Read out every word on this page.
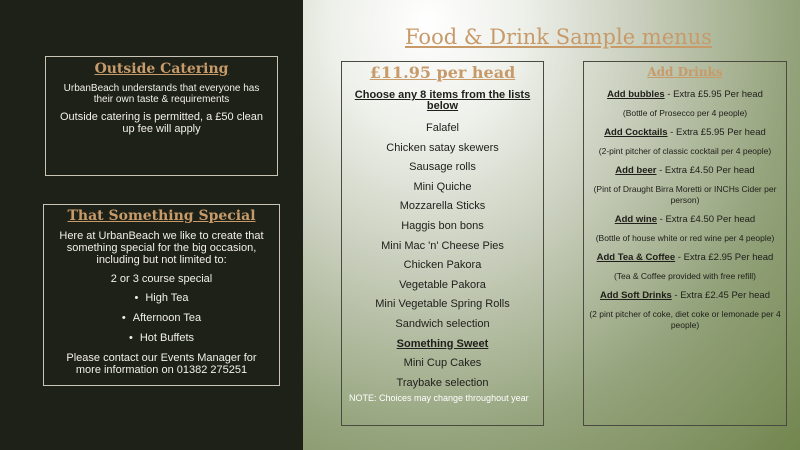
Outside Catering

UrbanBeach understands that everyone has their own taste & requirements

Outside catering is permitted, a £50 clean up fee will apply

That Something Special

Here at UrbanBeach we like to create that something special for the big occasion, including but not limited to:

2 or 3 course special

• High Tea
• Afternoon Tea
• Hot Buffets

Please contact our Events Manager for more information on 01382 275251

Food & Drink Sample menus
£11.95 per head
Choose any 8 items from the lists below
Falafel
Chicken satay skewers
Sausage rolls
Mini Quiche
Mozzarella Sticks
Haggis bon bons
Mini Mac 'n' Cheese Pies
Chicken Pakora
Vegetable Pakora
Mini Vegetable Spring Rolls
Sandwich selection
Something Sweet
Mini Cup Cakes
Traybake selection
NOTE: Choices may change throughout year
Add Drinks
Add bubbles - Extra £5.95 Per head
(Bottle of Prosecco per 4 people)
Add Cocktails - Extra £5.95 Per head
(2-pint pitcher of classic cocktail per 4 people)
Add beer - Extra £4.50 Per head
(Pint of Draught Birra Moretti or INCHs Cider per person)
Add wine - Extra £4.50 Per head
(Bottle of house white or red wine per 4 people)
Add Tea & Coffee - Extra £2.95 Per head
(Tea & Coffee provided with free refill)
Add Soft Drinks - Extra £2.45 Per head
(2 pint pitcher of coke, diet coke or lemonade per 4 people)
